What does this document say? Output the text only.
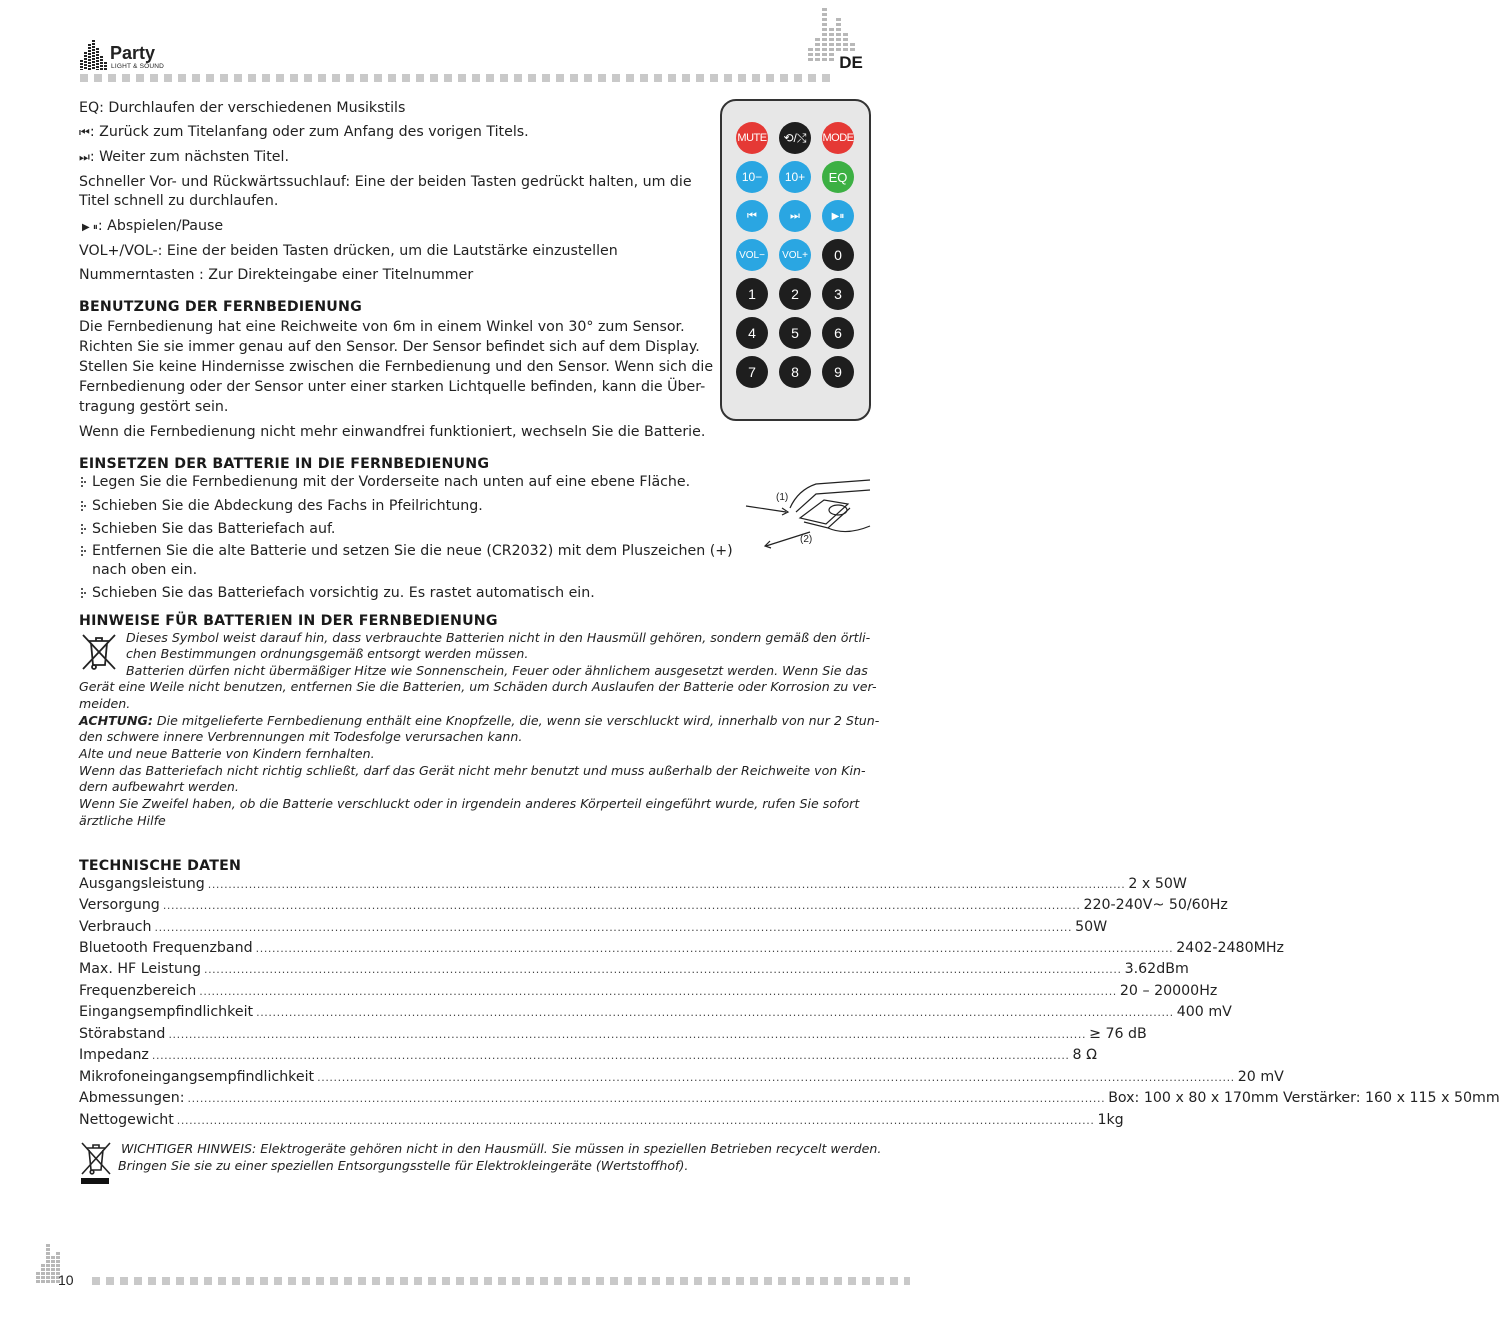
Party
LIGHT & SOUND	DE
EQ: Durchlaufen der verschiedenen Musikstils
⏮: Zurück zum Titelanfang oder zum Anfang des vorigen Titels.
⏭: Weiter zum nächsten Titel.
Schneller Vor- und Rückwärtssuchlauf: Eine der beiden Tasten gedrückt halten, um die
Titel schnell zu durchlaufen.
▶ ⏸: Abspielen/Pause
VOL+/VOL-: Eine der beiden Tasten drücken, um die Lautstärke einzustellen
Nummerntasten : Zur Direkteingabe einer Titelnummer
MUTE	⟲/⤭	MODE
10−	10+	EQ
⏮	⏭	▶⏸
VOL−	VOL+	0
1	2	3
4	5	6
7	8	9
BENUTZUNG DER FERNBEDIENUNG
Die Fernbedienung hat eine Reichweite von 6m in einem Winkel von 30° zum Sensor.
Richten Sie sie immer genau auf den Sensor. Der Sensor befindet sich auf dem Display.
Stellen Sie keine Hindernisse zwischen die Fernbedienung und den Sensor. Wenn sich die
Fernbedienung oder der Sensor unter einer starken Lichtquelle befinden, kann die Über-
tragung gestört sein.
Wenn die Fernbedienung nicht mehr einwandfrei funktioniert, wechseln Sie die Batterie.
EINSETZEN DER BATTERIE IN DIE FERNBEDIENUNG
Legen Sie die Fernbedienung mit der Vorderseite nach unten auf eine ebene Fläche.
Schieben Sie die Abdeckung des Fachs in Pfeilrichtung.
Schieben Sie das Batteriefach auf.
Entfernen Sie die alte Batterie und setzen Sie die neue (CR2032) mit dem Pluszeichen (+)
nach oben ein.
Schieben Sie das Batteriefach vorsichtig zu. Es rastet automatisch ein.
(1)
(2)
HINWEISE FÜR BATTERIEN IN DER FERNBEDIENUNG
Dieses Symbol weist darauf hin, dass verbrauchte Batterien nicht in den Hausmüll gehören, sondern gemäß den örtli-
chen Bestimmungen ordnungsgemäß entsorgt werden müssen.
Batterien dürfen nicht übermäßiger Hitze wie Sonnenschein, Feuer oder ähnlichem ausgesetzt werden. Wenn Sie das
Gerät eine Weile nicht benutzen, entfernen Sie die Batterien, um Schäden durch Auslaufen der Batterie oder Korrosion zu ver-
meiden.
ACHTUNG: Die mitgelieferte Fernbedienung enthält eine Knopfzelle, die, wenn sie verschluckt wird, innerhalb von nur 2 Stun-
den schwere innere Verbrennungen mit Todesfolge verursachen kann.
Alte und neue Batterie von Kindern fernhalten.
Wenn das Batteriefach nicht richtig schließt, darf das Gerät nicht mehr benutzt und muss außerhalb der Reichweite von Kin-
dern aufbewahrt werden.
Wenn Sie Zweifel haben, ob die Batterie verschluckt oder in irgendein anderes Körperteil eingeführt wurde, rufen Sie sofort
ärztliche Hilfe
TECHNISCHE DATEN
Ausgangsleistung ................................................................................................................................................................................................................................ 2 x 50W
Versorgung ................................................................................................................................................................................................................................ 220-240V~ 50/60Hz
Verbrauch ................................................................................................................................................................................................................................ 50W
Bluetooth Frequenzband ................................................................................................................................................................................................................................ 2402-2480MHz
Max. HF Leistung ................................................................................................................................................................................................................................ 3.62dBm
Frequenzbereich ................................................................................................................................................................................................................................ 20 – 20000Hz
Eingangsempfindlichkeit ................................................................................................................................................................................................................................ 400 mV
Störabstand ................................................................................................................................................................................................................................ ≥ 76 dB
Impedanz ................................................................................................................................................................................................................................ 8 Ω
Mikrofoneingangsempfindlichkeit ................................................................................................................................................................................................................................ 20 mV
Abmessungen: ................................................................................................................................................................................................................................ Box: 100 x 80 x 170mm Verstärker: 160 x 115 x 50mm
Nettogewicht ................................................................................................................................................................................................................................ 1kg
WICHTIGER HINWEIS: Elektrogeräte gehören nicht in den Hausmüll. Sie müssen in speziellen Betrieben recycelt werden.
Bringen Sie sie zu einer speziellen Entsorgungsstelle für Elektrokleingeräte (Wertstoffhof).
10
